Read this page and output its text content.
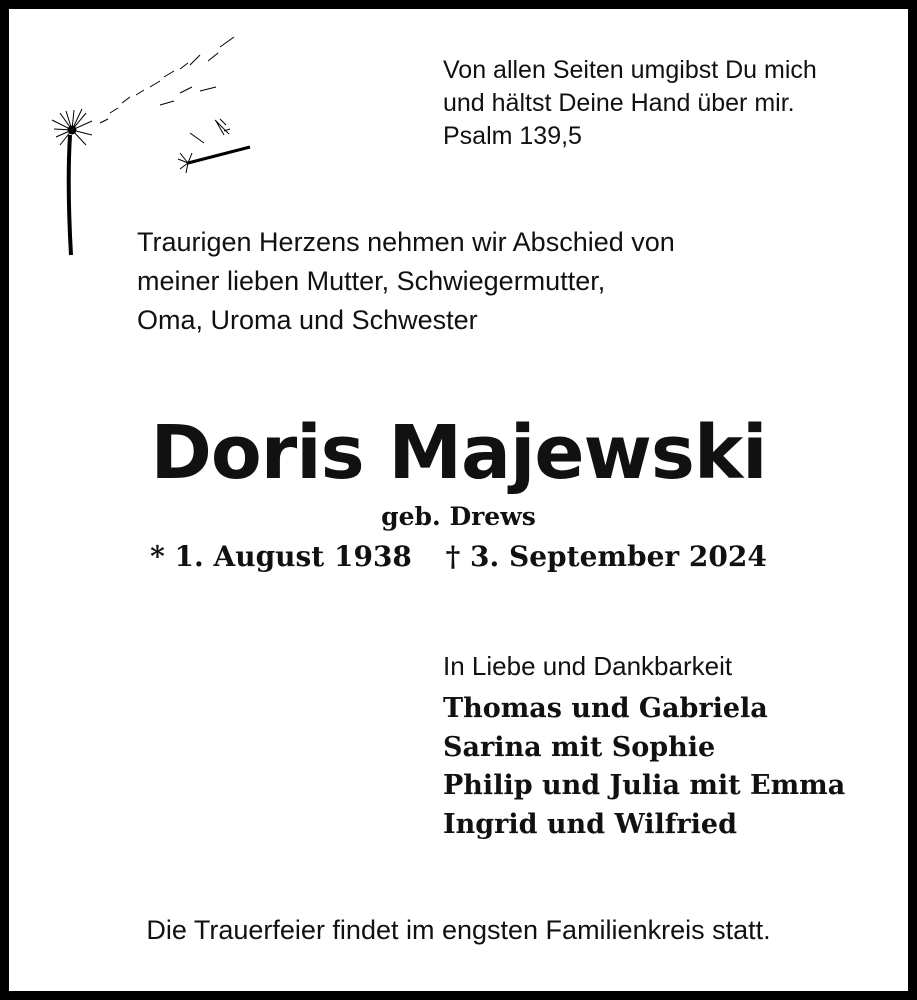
Von allen Seiten umgibst Du mich
und hältst Deine Hand über mir.
Psalm 139,5
Traurigen Herzens nehmen wir Abschied von
meiner lieben Mutter, Schwiegermutter,
Oma, Uroma und Schwester
Doris Majewski
geb. Drews
* 1. August 1938 † 3. September 2024
In Liebe und Dankbarkeit
Thomas und Gabriela
Sarina mit Sophie
Philip und Julia mit Emma
Ingrid und Wilfried
Die Trauerfeier findet im engsten Familienkreis statt.
